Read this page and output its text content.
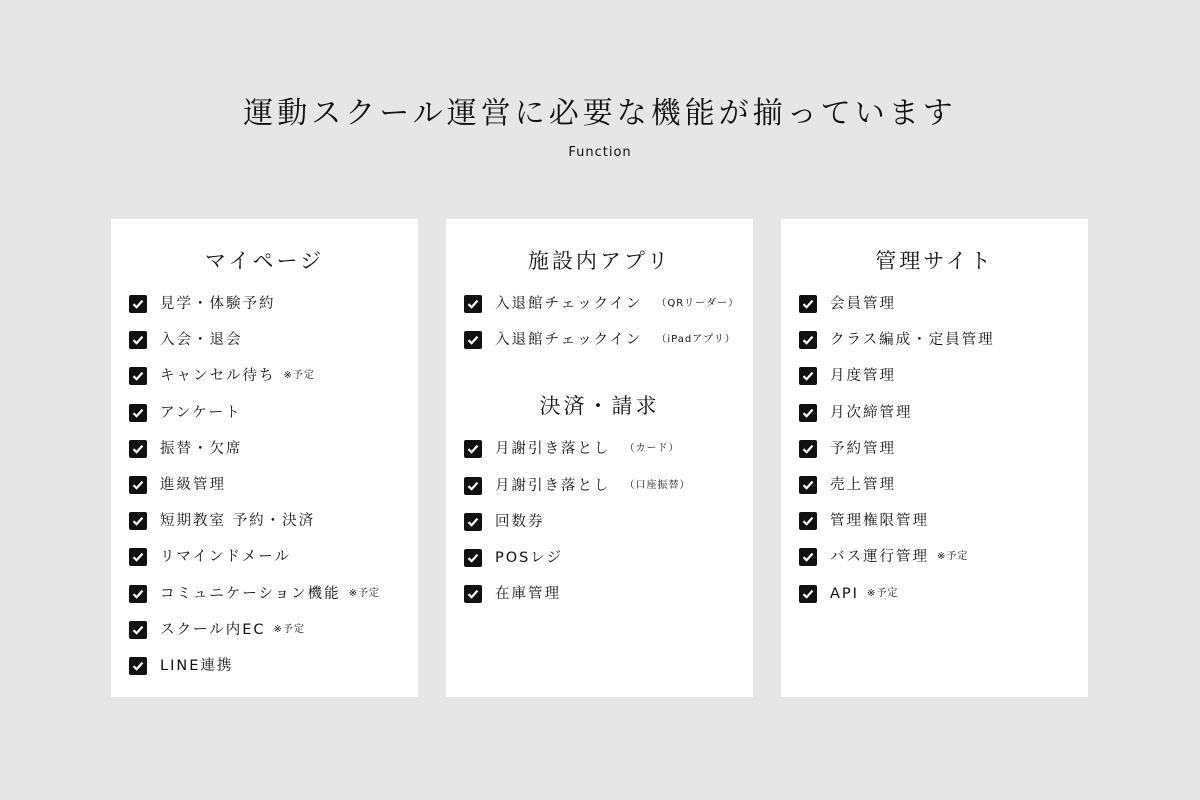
運動スクール運営に必要な機能が揃っています
Function
マイページ
見学・体験予約
入会・退会
キャンセル待ち ※予定
アンケート
振替・欠席
進級管理
短期教室 予約・決済
リマインドメール
コミュニケーション機能 ※予定
スクール内EC ※予定
LINE連携
施設内アプリ
入退館チェックイン （QRリーダー）
入退館チェックイン （iPadアプリ）
決済・請求
月謝引き落とし （カード）
月謝引き落とし （口座振替）
回数券
POSレジ
在庫管理
管理サイト
会員管理
クラス編成・定員管理
月度管理
月次締管理
予約管理
売上管理
管理権限管理
バス運行管理 ※予定
API ※予定
